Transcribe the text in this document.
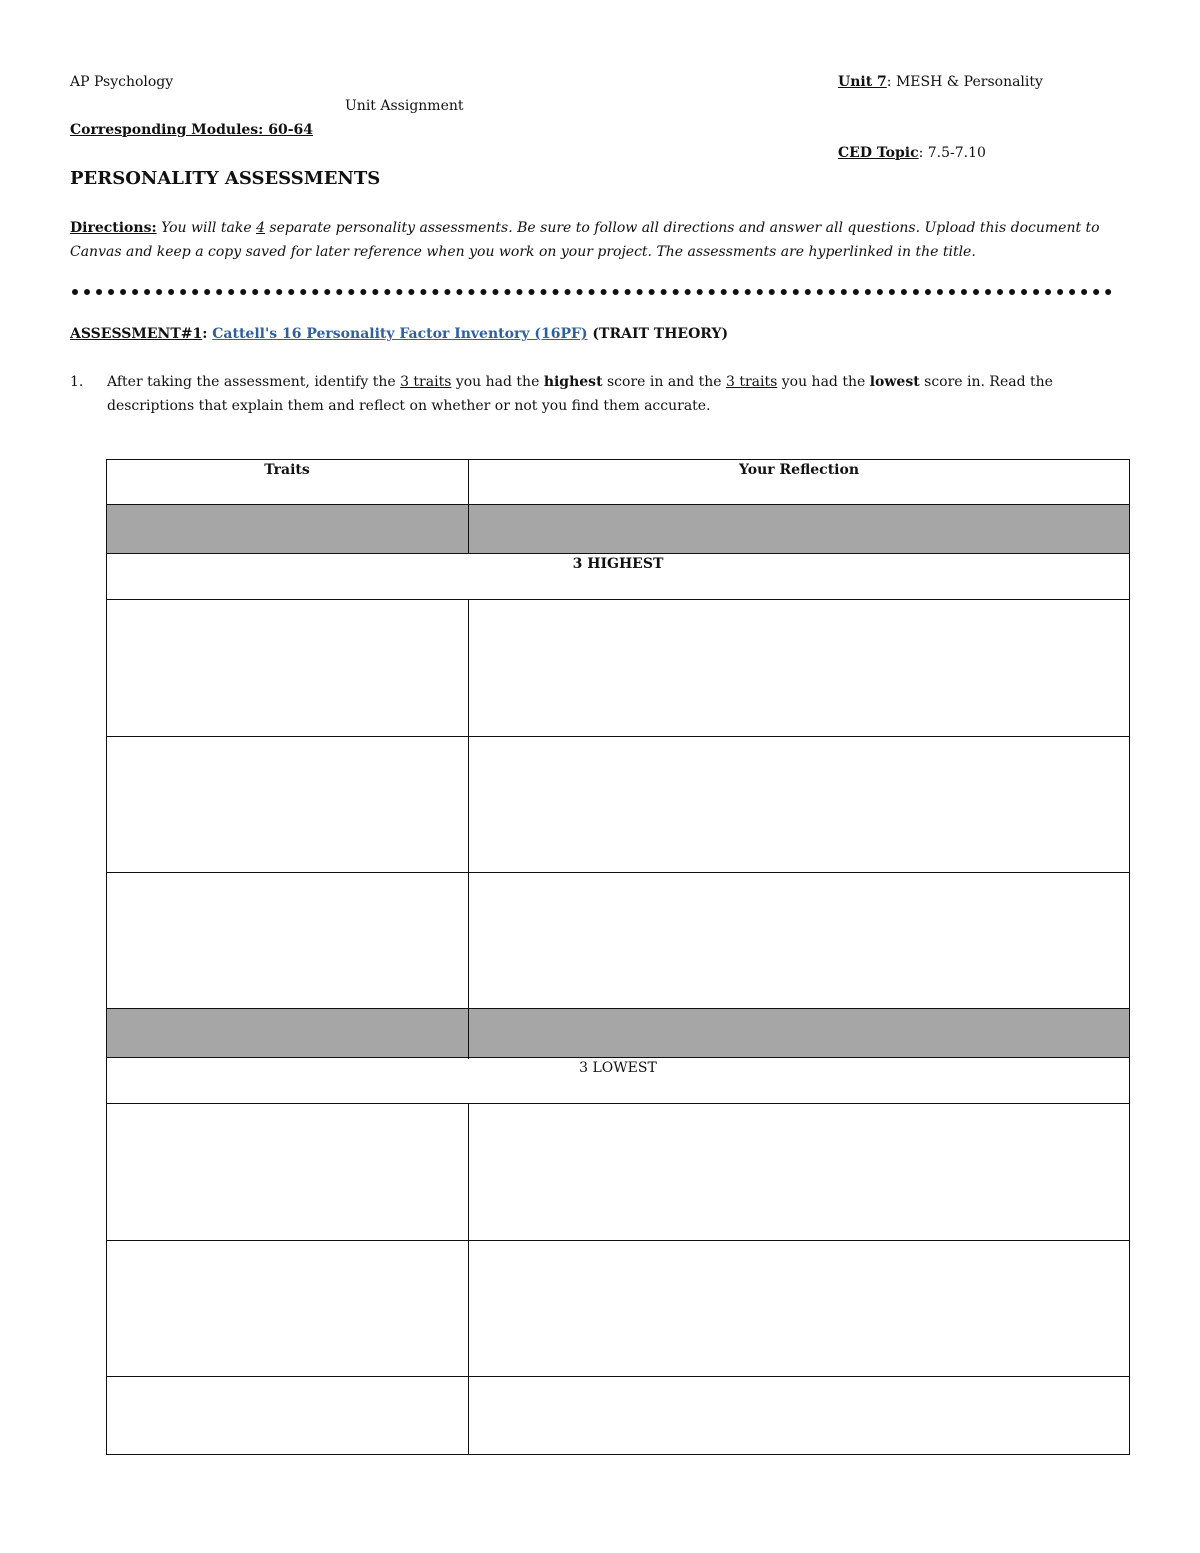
AP Psychology	Unit 7: MESH & Personality
Unit Assignment
Corresponding Modules: 60-64
CED Topic: 7.5-7.10
PERSONALITY ASSESSMENTS
Directions: You will take 4 separate personality assessments. Be sure to follow all directions and answer all questions. Upload this document to Canvas and keep a copy saved for later reference when you work on your project. The assessments are hyperlinked in the title.
ASSESSMENT#1: Cattell's 16 Personality Factor Inventory (16PF) (TRAIT THEORY)
1. After taking the assessment, identify the 3 traits you had the highest score in and the 3 traits you had the lowest score in. Read the descriptions that explain them and reflect on whether or not you find them accurate.
Traits	Your Reflection
3 HIGHEST
3 LOWEST
